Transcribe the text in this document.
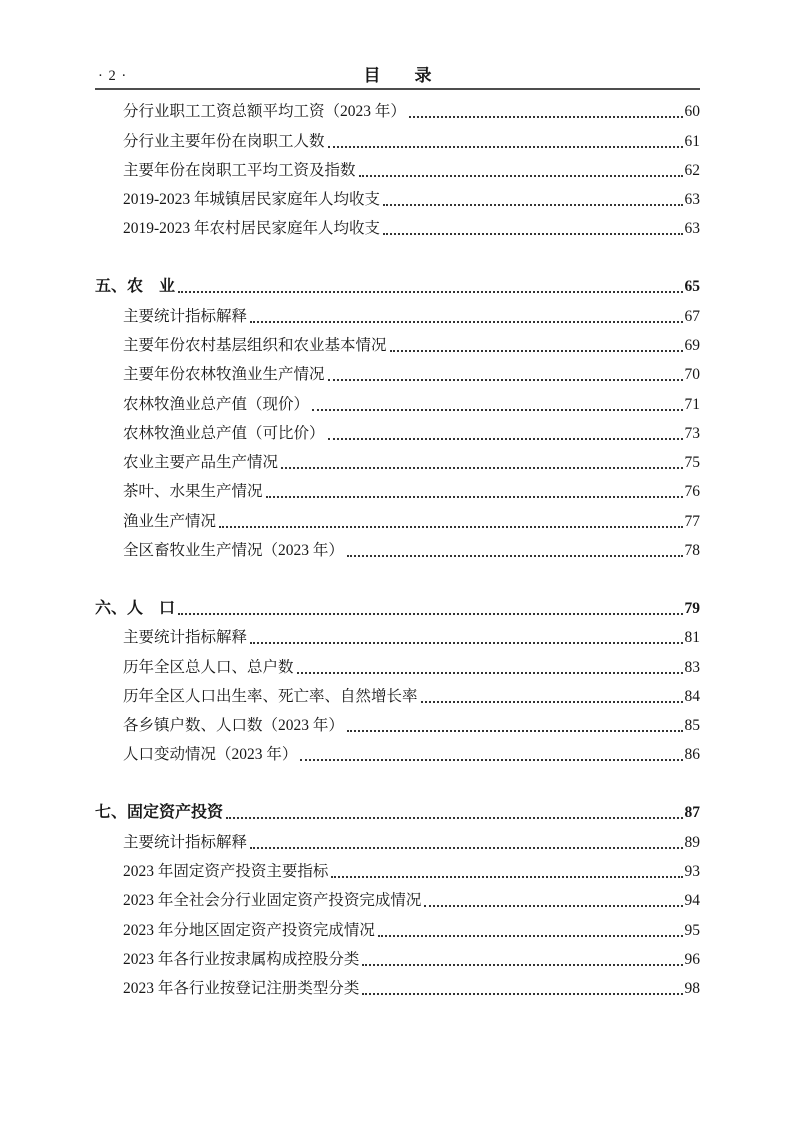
· 2 ·	目　　录
分行业职工工资总额平均工资（2023 年）	60
分行业主要年份在岗职工人数	61
主要年份在岗职工平均工资及指数	62
2019-2023 年城镇居民家庭年人均收支	63
2019-2023 年农村居民家庭年人均收支	63
五、农　业	65
主要统计指标解释	67
主要年份农村基层组织和农业基本情况	69
主要年份农林牧渔业生产情况	70
农林牧渔业总产值（现价）	71
农林牧渔业总产值（可比价）	73
农业主要产品生产情况	75
茶叶、水果生产情况	76
渔业生产情况	77
全区畜牧业生产情况（2023 年）	78
六、人　口	79
主要统计指标解释	81
历年全区总人口、总户数	83
历年全区人口出生率、死亡率、自然增长率	84
各乡镇户数、人口数（2023 年）	85
人口变动情况（2023 年）	86
七、固定资产投资	87
主要统计指标解释	89
2023 年固定资产投资主要指标	93
2023 年全社会分行业固定资产投资完成情况	94
2023 年分地区固定资产投资完成情况	95
2023 年各行业按隶属构成控股分类	96
2023 年各行业按登记注册类型分类	98
